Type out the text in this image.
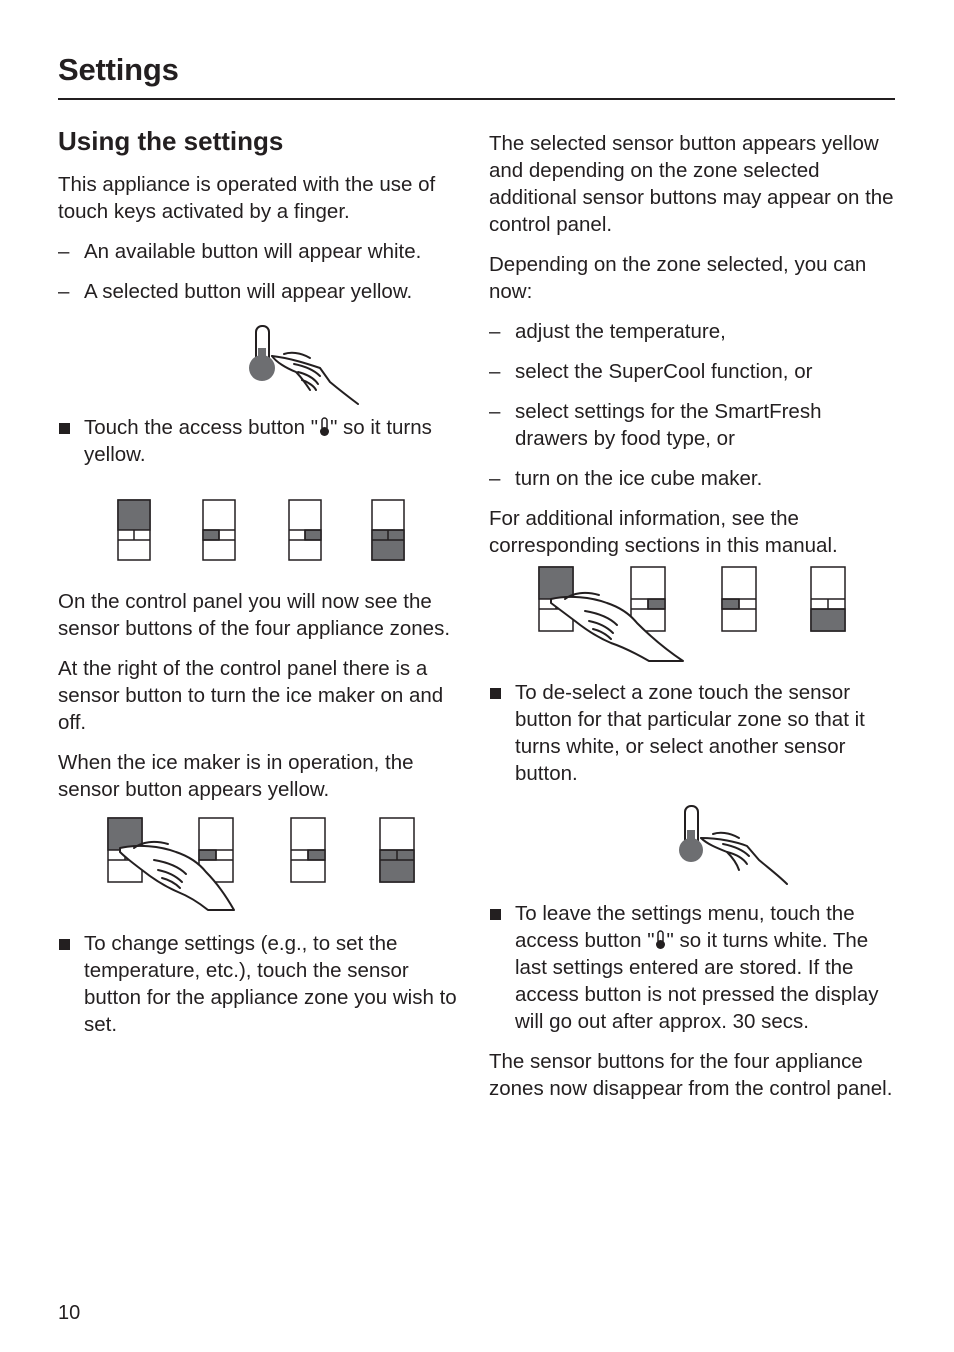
Settings
Using the settings

This appliance is operated with the use of touch keys activated by a finger.

– An available button will appear white.
– A selected button will appear yellow.
Touch the access button " " so it turns yellow.

On the control panel you will now see the sensor buttons of the four appliance zones.

At the right of the control panel there is a sensor button to turn the ice maker on and off.

When the ice maker is in operation, the sensor button appears yellow.

To change settings (e.g., to set the temperature, etc.), touch the sensor button for the appliance zone you wish to set.

The selected sensor button appears yellow and depending on the zone selected additional sensor buttons may appear on the control panel.

Depending on the zone selected, you can now:

– adjust the temperature,
– select the SuperCool function, or
– select settings for the SmartFresh drawers by food type, or
– turn on the ice cube maker.

For additional information, see the corresponding sections in this manual.

To de-select a zone touch the sensor button for that particular zone so that it turns white, or select another sensor button.
To leave the settings menu, touch the access button " " so it turns white. The last settings entered are stored. If the access button is not pressed the display will go out after approx. 30 secs.

The sensor buttons for the four appliance zones now disappear from the control panel.

10
